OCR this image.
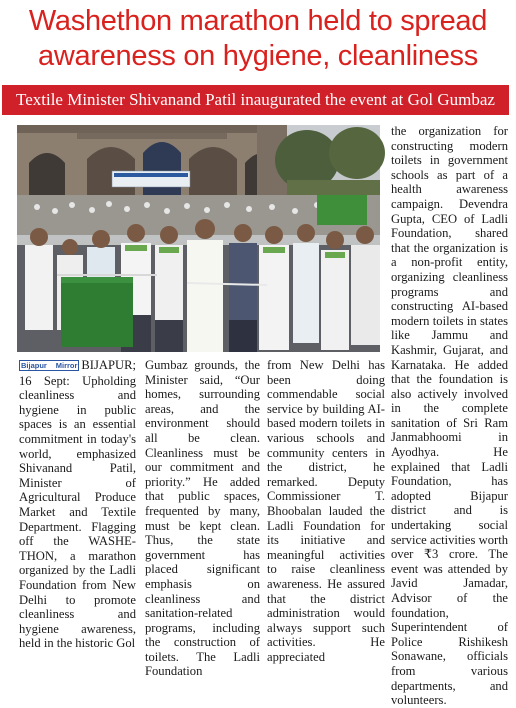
Washethon marathon held to spread
awareness on hygiene, cleanliness
Textile Minister Shivanand Patil inaugurated the event at Gol Gumbaz

Bijapur Mirror BIJAPUR; 16 Sept: Upholding cleanliness and hygiene in public spaces is an essential commitment in today's world, emphasized Shivanand Patil, Minister of Agricultural Produce Market and Textile Department. Flagging off the WASHE-THON, a marathon organized by the Ladli Foundation from New Delhi to promote cleanliness and hygiene awareness, held in the historic Gol

Gumbaz grounds, the Minister said, “Our homes, surrounding areas, and the environment should all be clean. Cleanliness must be our commitment and priority.” He added that public spaces, frequented by many, must be kept clean. Thus, the state government has placed significant emphasis on cleanliness and sanitation-related programs, including the construction of toilets. The Ladli Foundation

from New Delhi has been doing commendable social service by building AI-based modern toilets in various schools and community centers in the district, he remarked. Deputy Commissioner T. Bhoobalan lauded the Ladli Foundation for its initiative and meaningful activities to raise cleanliness awareness. He assured that the district administration would always support such activities. He appreciated

the organization for constructing modern toilets in government schools as part of a health awareness campaign. Devendra Gupta, CEO of Ladli Foundation, shared that the organization is a non-profit entity, organizing cleanliness programs and constructing AI-based modern toilets in states like Jammu and Kashmir, Gujarat, and Karnataka. He added that the foundation is also actively involved in the complete sanitation of Sri Ram Janmabhoomi in Ayodhya. He explained that Ladli Foundation, has adopted Bijapur district and is undertaking social service activities worth over ₹3 crore. The event was attended by Javid Jamadar, Advisor of the foundation, Superintendent of Police Rishikesh Sonawane, officials from various departments, and volunteers.
